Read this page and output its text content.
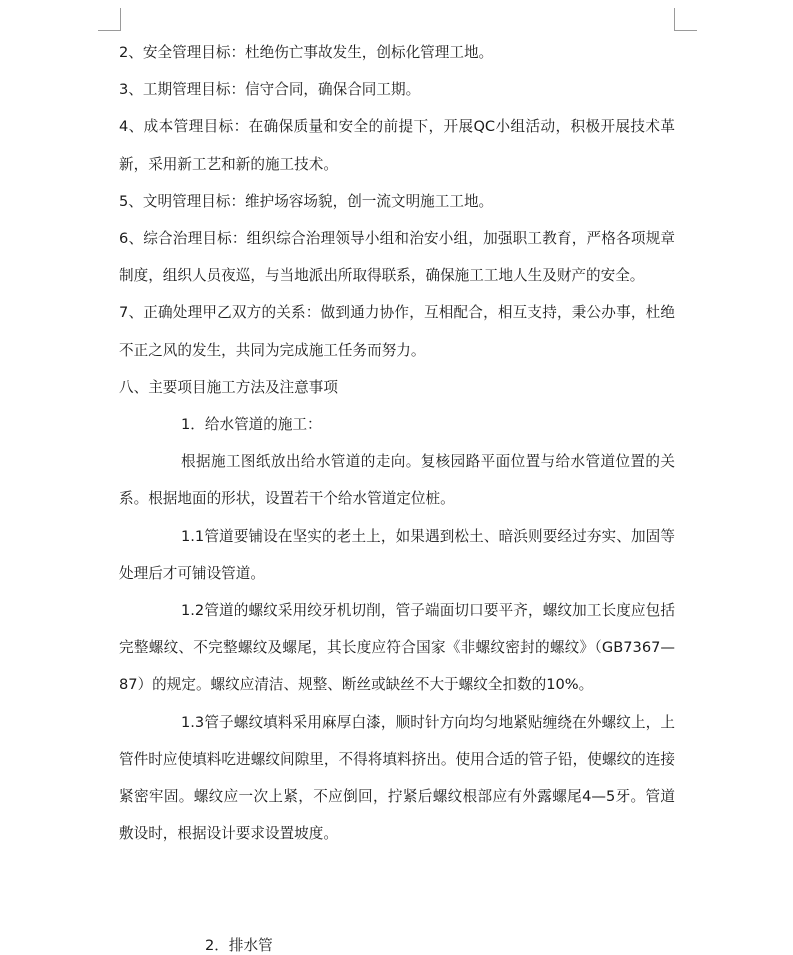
2、安全管理目标：杜绝伤亡事故发生，创标化管理工地。

3、工期管理目标：信守合同，确保合同工期。

4、成本管理目标：在确保质量和安全的前提下，开展QC小组活动，积极开展技术革新，采用新工艺和新的施工技术。

5、文明管理目标：维护场容场貌，创一流文明施工工地。

6、综合治理目标：组织综合治理领导小组和治安小组，加强职工教育，严格各项规章制度，组织人员夜巡，与当地派出所取得联系，确保施工工地人生及财产的安全。

7、正确处理甲乙双方的关系：做到通力协作，互相配合，相互支持，秉公办事，杜绝不正之风的发生，共同为完成施工任务而努力。

八、主要项目施工方法及注意事项

1．给水管道的施工：

根据施工图纸放出给水管道的走向。复核园路平面位置与给水管道位置的关系。根据地面的形状，设置若干个给水管道定位桩。

1.1管道要铺设在坚实的老土上，如果遇到松土、暗浜则要经过夯实、加固等处理后才可铺设管道。

1.2管道的螺纹采用绞牙机切削，管子端面切口要平齐，螺纹加工长度应包括完整螺纹、不完整螺纹及螺尾，其长度应符合国家《非螺纹密封的螺纹》（GB7367—87）的规定。螺纹应清洁、规整、断丝或缺丝不大于螺纹全扣数的10%。

1.3管子螺纹填料采用麻厚白漆，顺时针方向均匀地紧贴缠绕在外螺纹上，上管件时应使填料吃进螺纹间隙里，不得将填料挤出。使用合适的管子铅，使螺纹的连接紧密牢固。螺纹应一次上紧，不应倒回，拧紧后螺纹根部应有外露螺尾4—5牙。管道敷设时，根据设计要求设置坡度。

2．排水管
